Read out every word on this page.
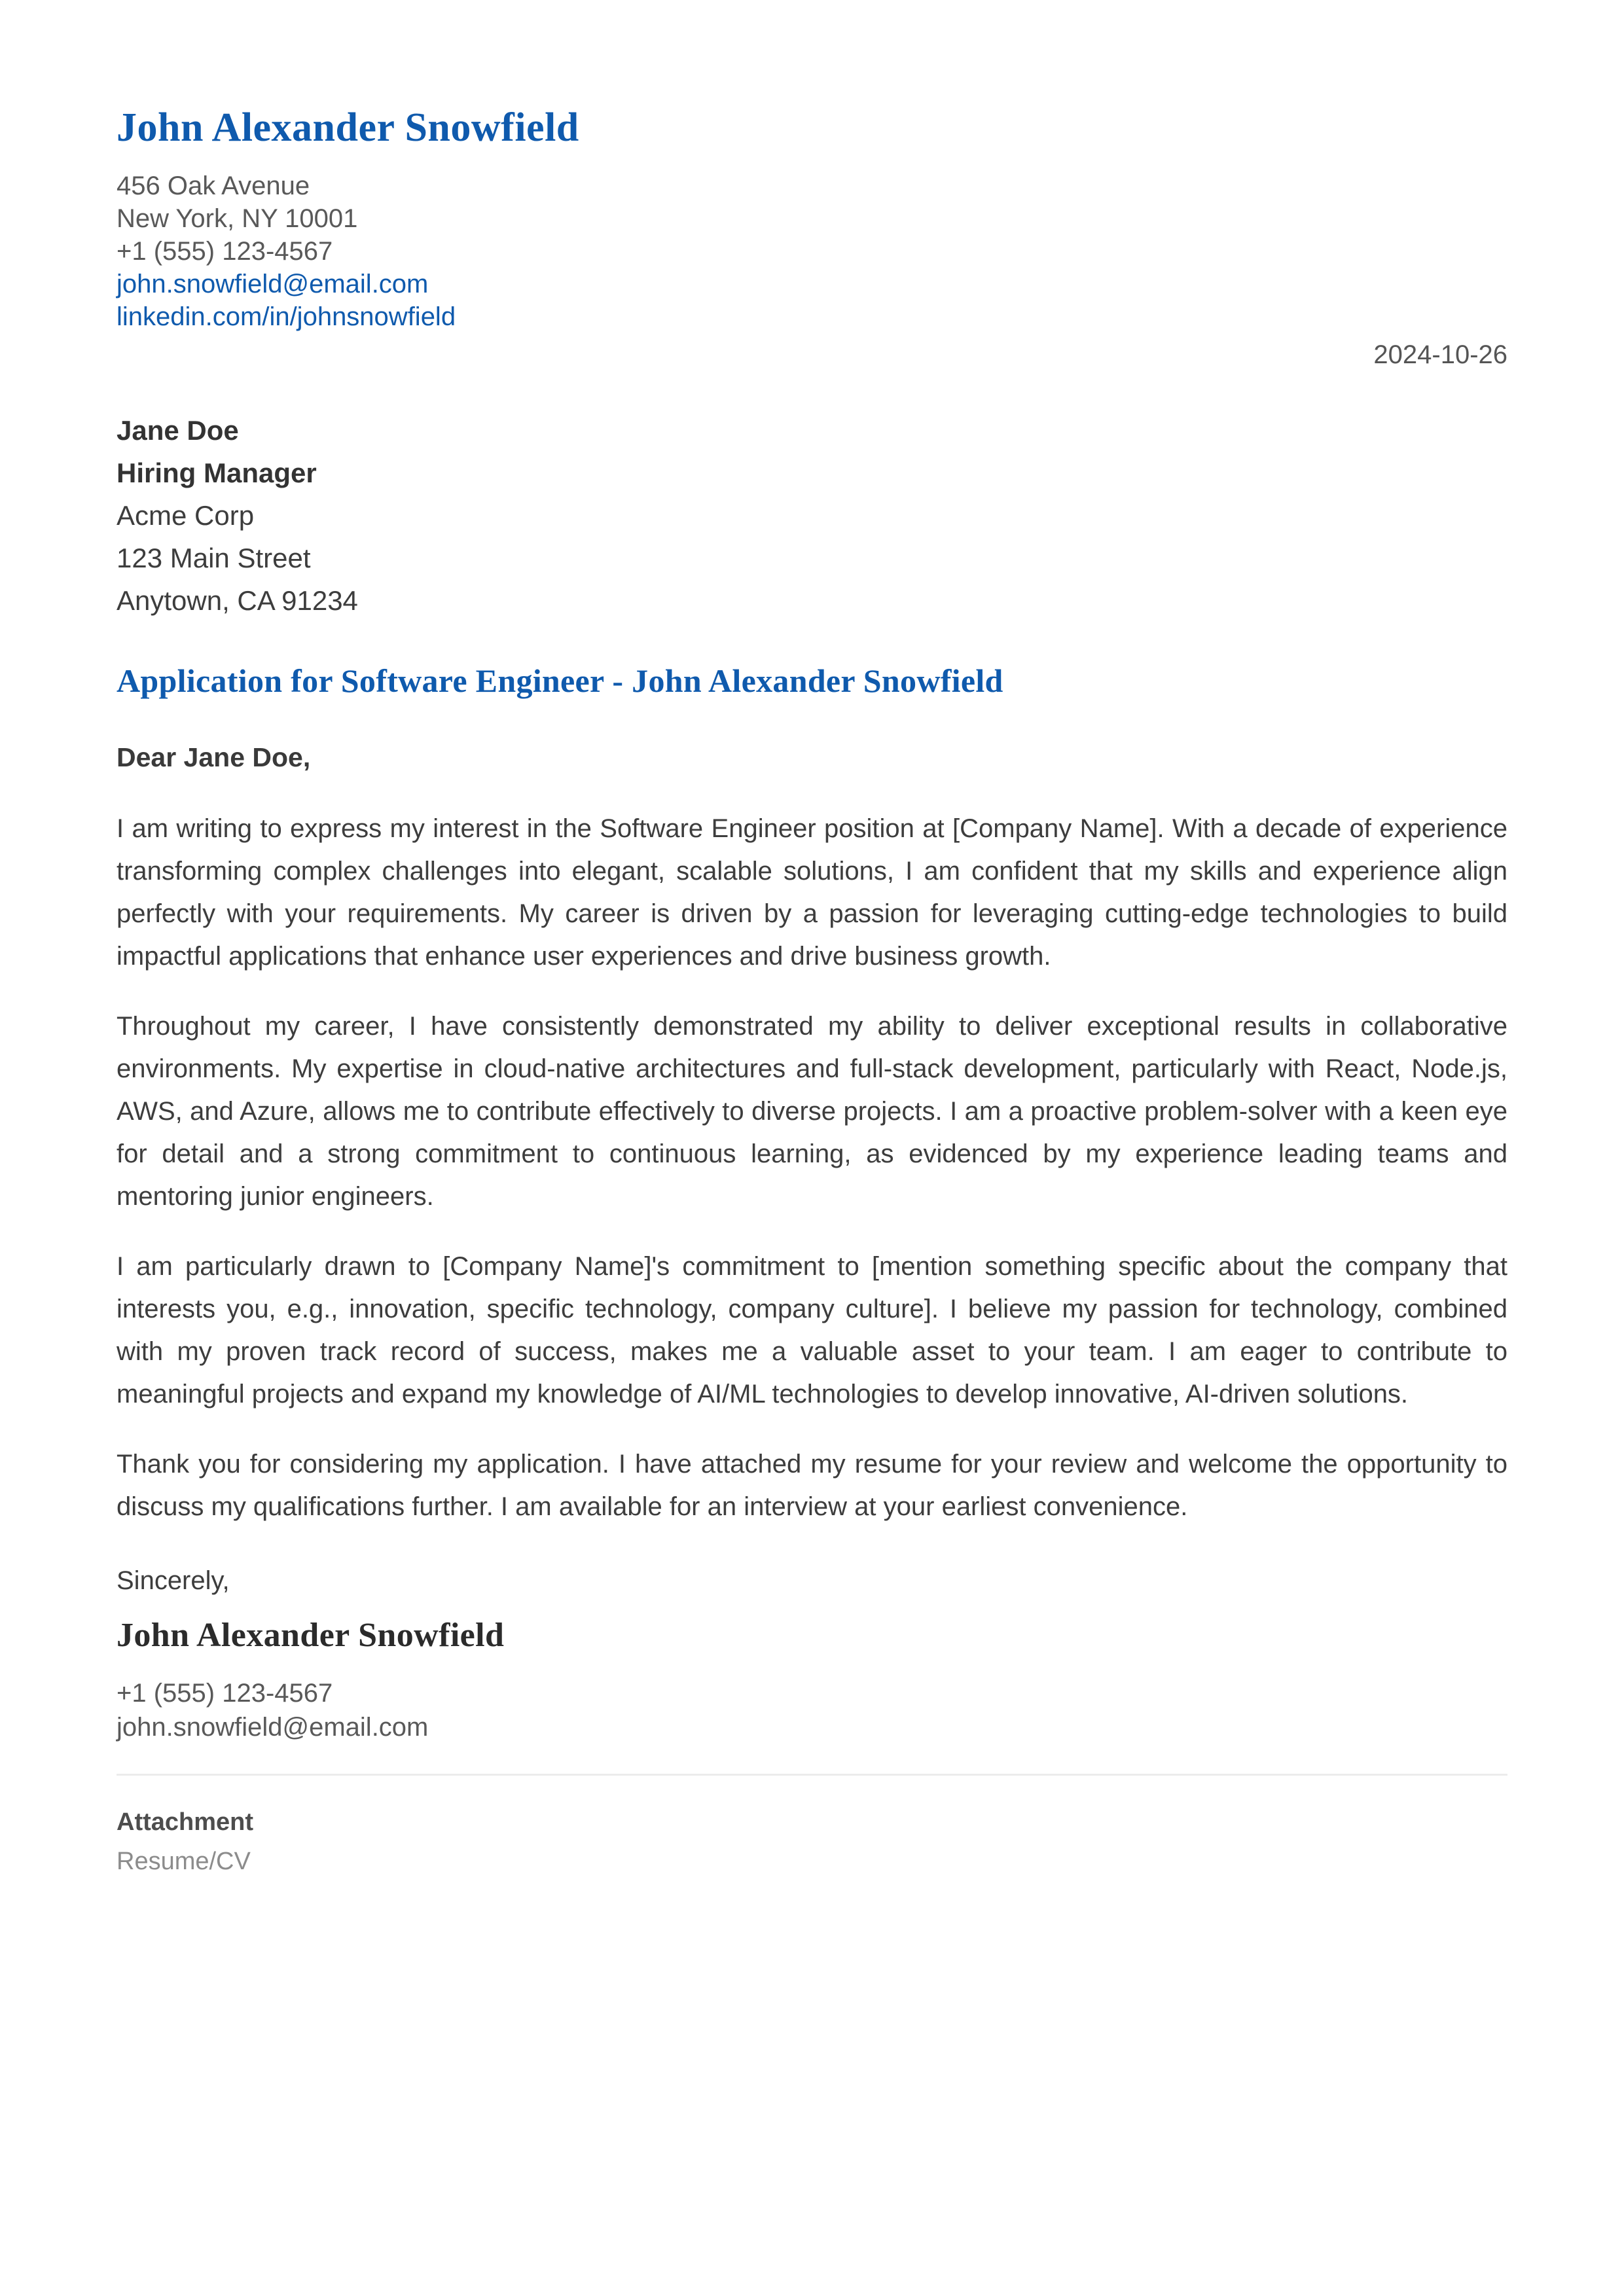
John Alexander Snowfield
456 Oak Avenue
New York, NY 10001
+1 (555) 123-4567
john.snowfield@email.com
linkedin.com/in/johnsnowfield
2024-10-26
Jane Doe
Hiring Manager
Acme Corp
123 Main Street
Anytown, CA 91234
Application for Software Engineer - John Alexander Snowfield
Dear Jane Doe,

I am writing to express my interest in the Software Engineer position at [Company Name]. With a decade of experience transforming complex challenges into elegant, scalable solutions, I am confident that my skills and experience align perfectly with your requirements. My career is driven by a passion for leveraging cutting-edge technologies to build impactful applications that enhance user experiences and drive business growth.

Throughout my career, I have consistently demonstrated my ability to deliver exceptional results in collaborative environments. My expertise in cloud-native architectures and full-stack development, particularly with React, Node.js, AWS, and Azure, allows me to contribute effectively to diverse projects. I am a proactive problem-solver with a keen eye for detail and a strong commitment to continuous learning, as evidenced by my experience leading teams and mentoring junior engineers.

I am particularly drawn to [Company Name]'s commitment to [mention something specific about the company that interests you, e.g., innovation, specific technology, company culture]. I believe my passion for technology, combined with my proven track record of success, makes me a valuable asset to your team. I am eager to contribute to meaningful projects and expand my knowledge of AI/ML technologies to develop innovative, AI-driven solutions.

Thank you for considering my application. I have attached my resume for your review and welcome the opportunity to discuss my qualifications further. I am available for an interview at your earliest convenience.

Sincerely,
John Alexander Snowfield
+1 (555) 123-4567
john.snowfield@email.com
Attachment
Resume/CV
